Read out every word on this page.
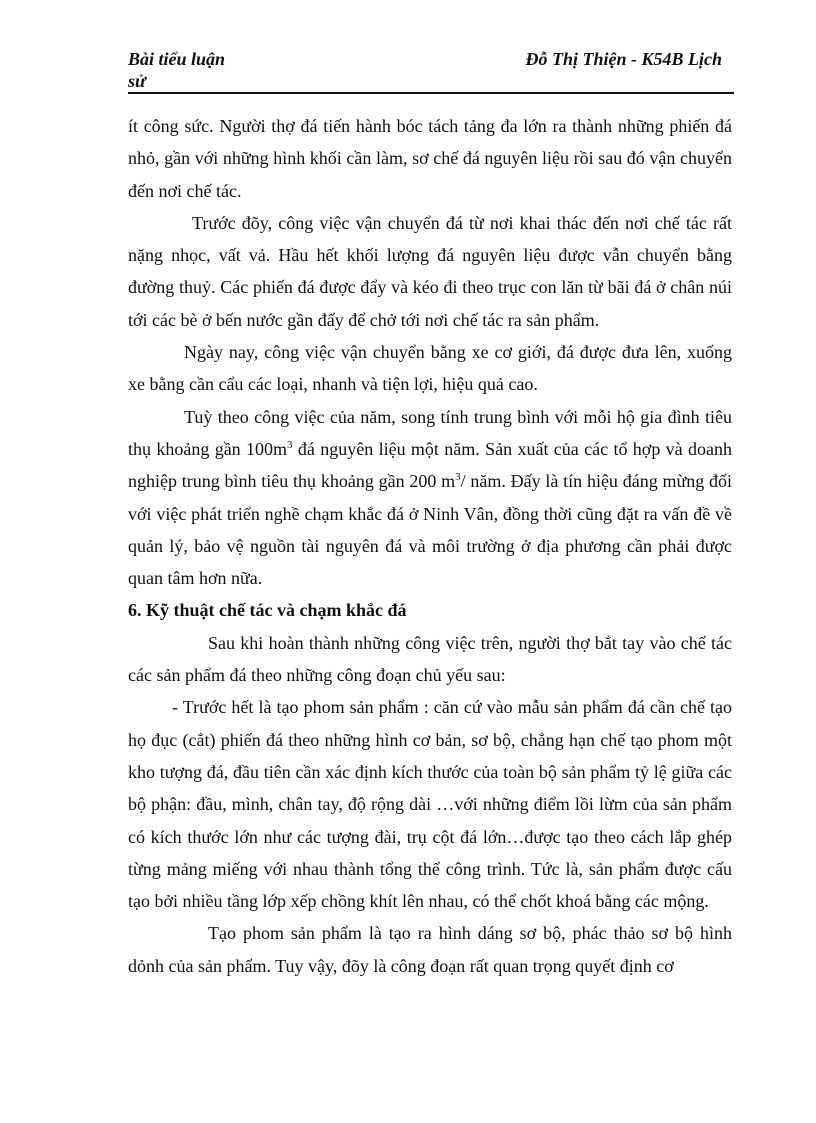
Bài tiểu luận
sử
Đỗ Thị Thiện - K54B Lịch

ít công sức. Người thợ đá tiến hành bóc tách tảng đa lớn ra thành những phiến đá nhỏ, gần với những hình khối cần làm, sơ chế đá nguyên liệu rồi sau đó vận chuyển đến nơi chế tác.

Trước đõy, công việc vận chuyển đá từ nơi khai thác đến nơi chế tác rất nặng nhọc, vất vả. Hầu hết khối lượng đá nguyên liệu được vẫn chuyển bằng đường thuỷ. Các phiến đá được đẩy và kéo đi theo trục con lăn từ bãi đá ở chân núi tới các bè ở bến nước gần đấy để chở tới nơi chế tác ra sản phẩm.

Ngày nay, công việc vận chuyển bằng xe cơ giới, đá được đưa lên, xuống xe bằng cần cẩu các loại, nhanh và tiện lợi, hiệu quả cao.

Tuỳ theo công việc của năm, song tính trung bình với mỗi hộ gia đình tiêu thụ khoảng gần $100m^3$ đá nguyên liệu một năm. Sản xuất của các tổ hợp và doanh nghiệp trung bình tiêu thụ khoảng gần 200 $m^3/$ năm. Đấy là tín hiệu đáng mừng đối với việc phát triển nghề chạm khắc đá ở Ninh Vân, đồng thời cũng đặt ra vấn đề về quản lý, bảo vệ nguồn tài nguyên đá và môi trường ở địa phương cần phải được quan tâm hơn nữa.

6. Kỹ thuật chế tác và chạm khắc đá

Sau khi hoàn thành những công việc trên, người thợ bắt tay vào chế tác các sản phẩm đá theo những công đoạn chủ yếu sau:

- Trước hết là tạo phom sản phẩm : căn cứ vào mẫu sản phẩm đá cần chế tạo họ đục (cắt) phiến đá theo những hình cơ bản, sơ bộ, chẳng hạn chế tạo phom một kho tượng đá, đầu tiên cần xác định kích thước của toàn bộ sản phẩm tỷ lệ giữa các bộ phận: đầu, mình, chân tay, độ rộng dài …với những điểm lồi lừm của sản phẩm có kích thước lớn như các tượng đài, trụ cột đá lớn…được tạo theo cách lắp ghép từng mảng miếng với nhau thành tổng thể công trình. Tức là, sản phẩm được cấu tạo bởi nhiều tầng lớp xếp chồng khít lên nhau, có thể chốt khoá bằng các mộng.

Tạo phom sản phẩm là tạo ra hình dáng sơ bộ, phác thảo sơ bộ hình dỏnh của sản phẩm. Tuy vậy, đõy là công đoạn rất quan trọng quyết định cơ
